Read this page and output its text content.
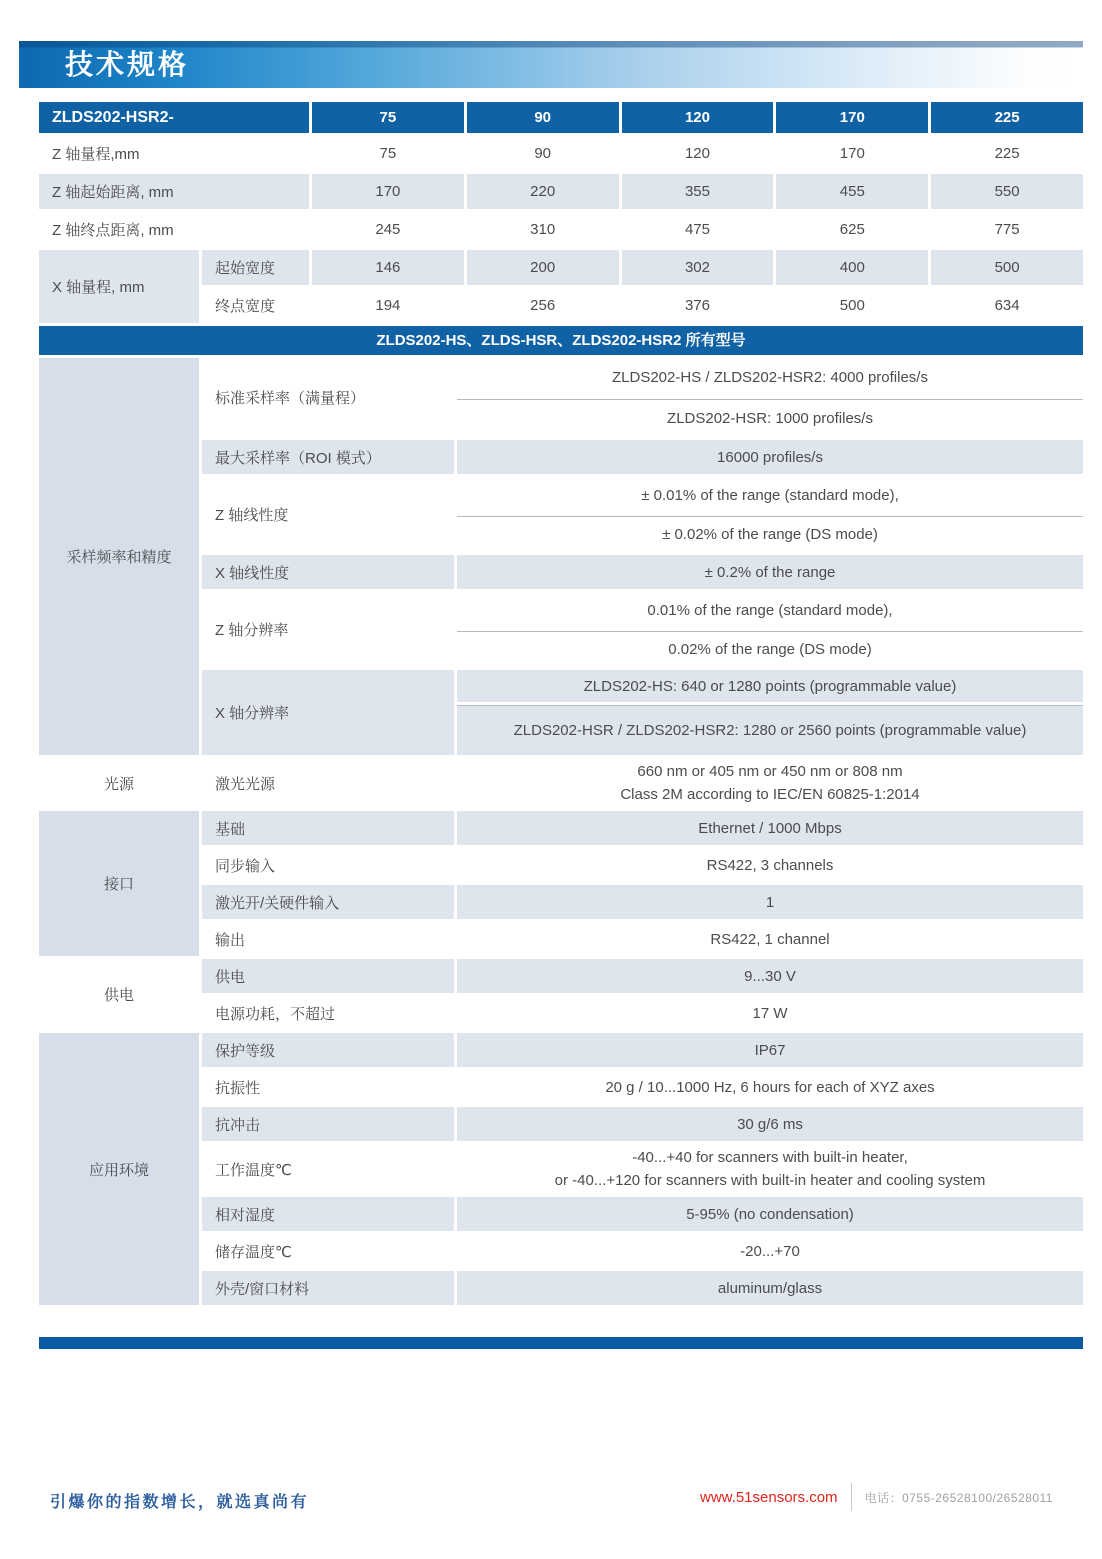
技术规格
ZLDS202-HSR2-		75	90	120	170	225
Z 轴量程,mm		75	90	120	170	225
Z 轴起始距离, mm		170	220	355	455	550
Z 轴终点距离, mm		245	310	475	625	775
X 轴量程, mm	起始宽度	146	200	302	400	500
	终点宽度	194	256	376	500	634
ZLDS202-HS、ZLDS-HSR、ZLDS202-HSR2 所有型号
采样频率和精度	标准采样率（满量程）	ZLDS202-HS / ZLDS202-HSR2: 4000 profiles/s
		ZLDS202-HSR: 1000 profiles/s
	最大采样率（ROI 模式）	16000 profiles/s
	Z 轴线性度	± 0.01% of the range (standard mode),
		± 0.02% of the range (DS mode)
	X 轴线性度	± 0.2% of the range
	Z 轴分辨率	0.01% of the range (standard mode),
		0.02% of the range (DS mode)
	X 轴分辨率	ZLDS202-HS: 640 or 1280 points (programmable value)

		ZLDS202-HSR / ZLDS202-HSR2: 1280 or 2560 points (programmable value)

光源	激光光源	660 nm or 405 nm or 450 nm or 808 nm
Class 2M according to IEC/EN 60825-1:2014

接口	基础	Ethernet / 1000 Mbps
	同步输入	RS422, 3 channels
	激光开/关硬件输入	1
	输出	RS422, 1 channel
供电	供电	9...30 V
	电源功耗，不超过	17 W
应用环境	保护等级	IP67
	抗振性	20 g / 10...1000 Hz, 6 hours for each of XYZ axes
	抗冲击	30 g/6 ms
	工作温度℃	-40...+40 for scanners with built-in heater,
or -40...+120 for scanners with built-in heater and cooling system

	相对湿度	5-95% (no condensation)
	储存温度℃	-20...+70
	外壳/窗口材料	aluminum/glass
引爆你的指数增长，就选真尚有	www.51sensors.com 电话：0755-26528100/26528011
